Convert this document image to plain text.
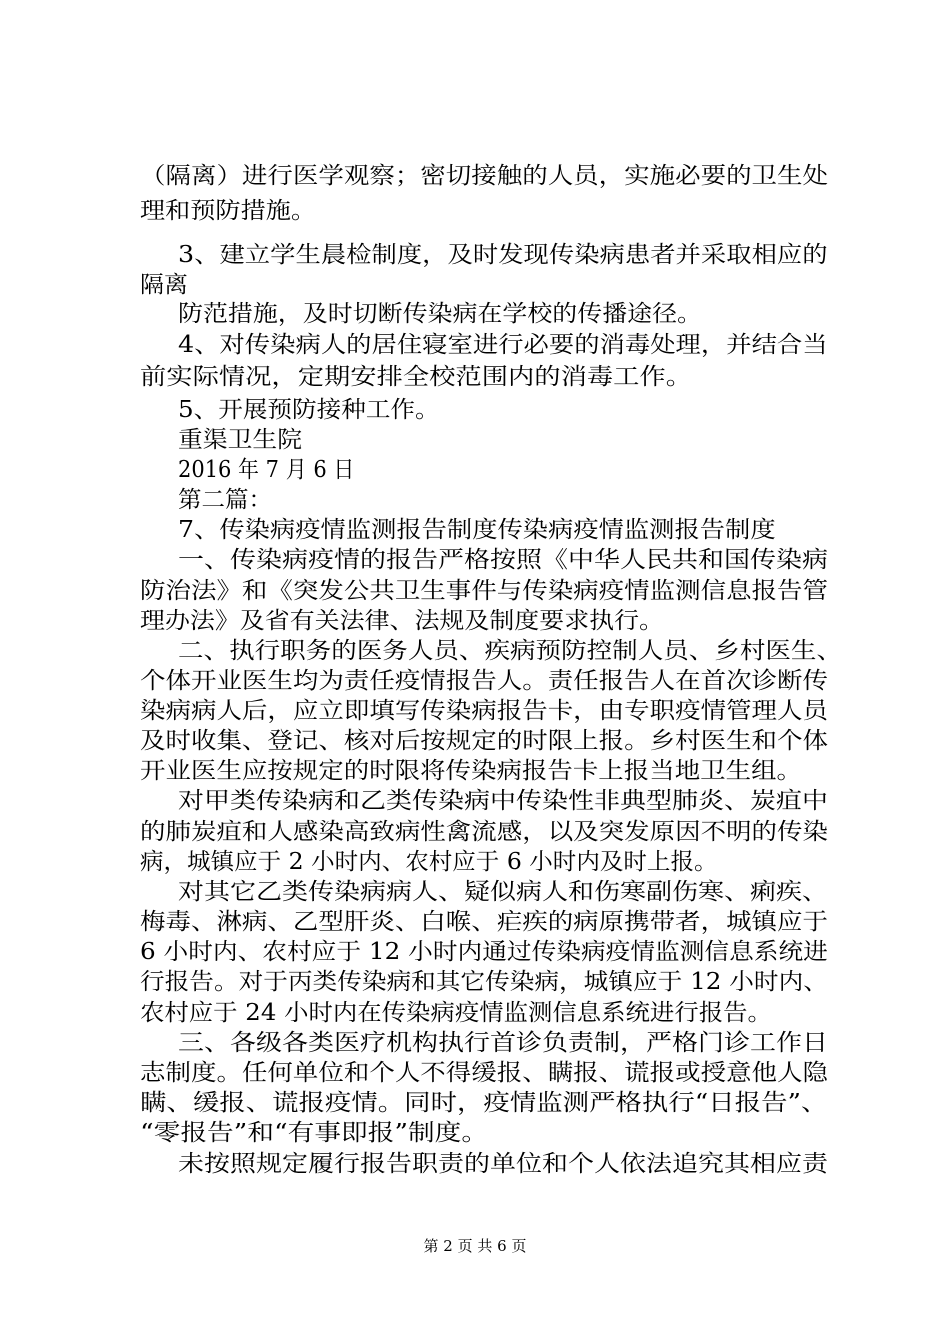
（隔离）进行医学观察；密切接触的人员，实施必要的卫生处
理和预防措施。
3、建立学生晨检制度，及时发现传染病患者并采取相应的
隔离
防范措施，及时切断传染病在学校的传播途径。
4、对传染病人的居住寝室进行必要的消毒处理，并结合当
前实际情况，定期安排全校范围内的消毒工作。
5、开展预防接种工作。
重渠卫生院
2016 年 7 月 6 日
第二篇：
7、传染病疫情监测报告制度传染病疫情监测报告制度
一、传染病疫情的报告严格按照《中华人民共和国传染病
防治法》和《突发公共卫生事件与传染病疫情监测信息报告管
理办法》及省有关法律、法规及制度要求执行。
二、执行职务的医务人员、疾病预防控制人员、乡村医生、
个体开业医生均为责任疫情报告人。责任报告人在首次诊断传
染病病人后，应立即填写传染病报告卡，由专职疫情管理人员
及时收集、登记、核对后按规定的时限上报。乡村医生和个体
开业医生应按规定的时限将传染病报告卡上报当地卫生组。
对甲类传染病和乙类传染病中传染性非典型肺炎、炭疽中
的肺炭疽和人感染高致病性禽流感，以及突发原因不明的传染
病，城镇应于 2 小时内、农村应于 6 小时内及时上报。
对其它乙类传染病病人、疑似病人和伤寒副伤寒、痢疾、
梅毒、淋病、乙型肝炎、白喉、疟疾的病原携带者，城镇应于
6 小时内、农村应于 12 小时内通过传染病疫情监测信息系统进
行报告。对于丙类传染病和其它传染病，城镇应于 12 小时内、
农村应于 24 小时内在传染病疫情监测信息系统进行报告。
三、各级各类医疗机构执行首诊负责制，严格门诊工作日
志制度。任何单位和个人不得缓报、瞒报、谎报或授意他人隐
瞒、缓报、谎报疫情。同时，疫情监测严格执行“日报告”、
“零报告”和“有事即报”制度。
未按照规定履行报告职责的单位和个人依法追究其相应责
第 2 页 共 6 页
